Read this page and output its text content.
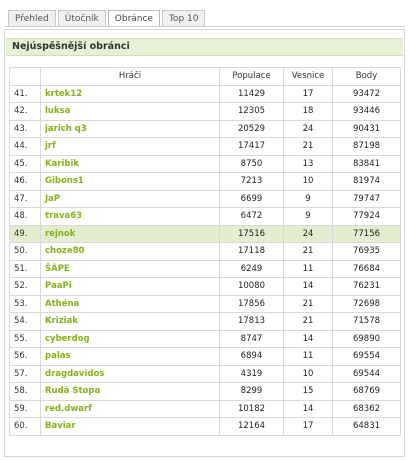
Přehled	Útočník	Obránce	Top 10
Nejúspěšnější obránci
	Hráči	Populace	Vesnice	Body
41.	krtek12	11429	17	93472
42.	luksa	12305	18	93446
43.	jarich q3	20529	24	90431
44.	jrf	17417	21	87198
45.	Karibik	8750	13	83841
46.	Gibons1	7213	10	81974
47.	JaP	6699	9	79747
48.	trava63	6472	9	77924
49.	rejnok	17516	24	77156
50.	choze80	17118	21	76935
51.	ŠÁPE	6249	11	76684
52.	PaaPi	10080	14	76231
53.	Athéna	17856	21	72698
54.	Kriziak	17813	21	71578
55.	cyberdog	8747	14	69890
56.	palas	6894	11	69554
57.	dragdavidos	4319	10	69544
58.	Rudá Stopa	8299	15	68769
59.	red.dwarf	10182	14	68362
60.	Baviar	12164	17	64831
